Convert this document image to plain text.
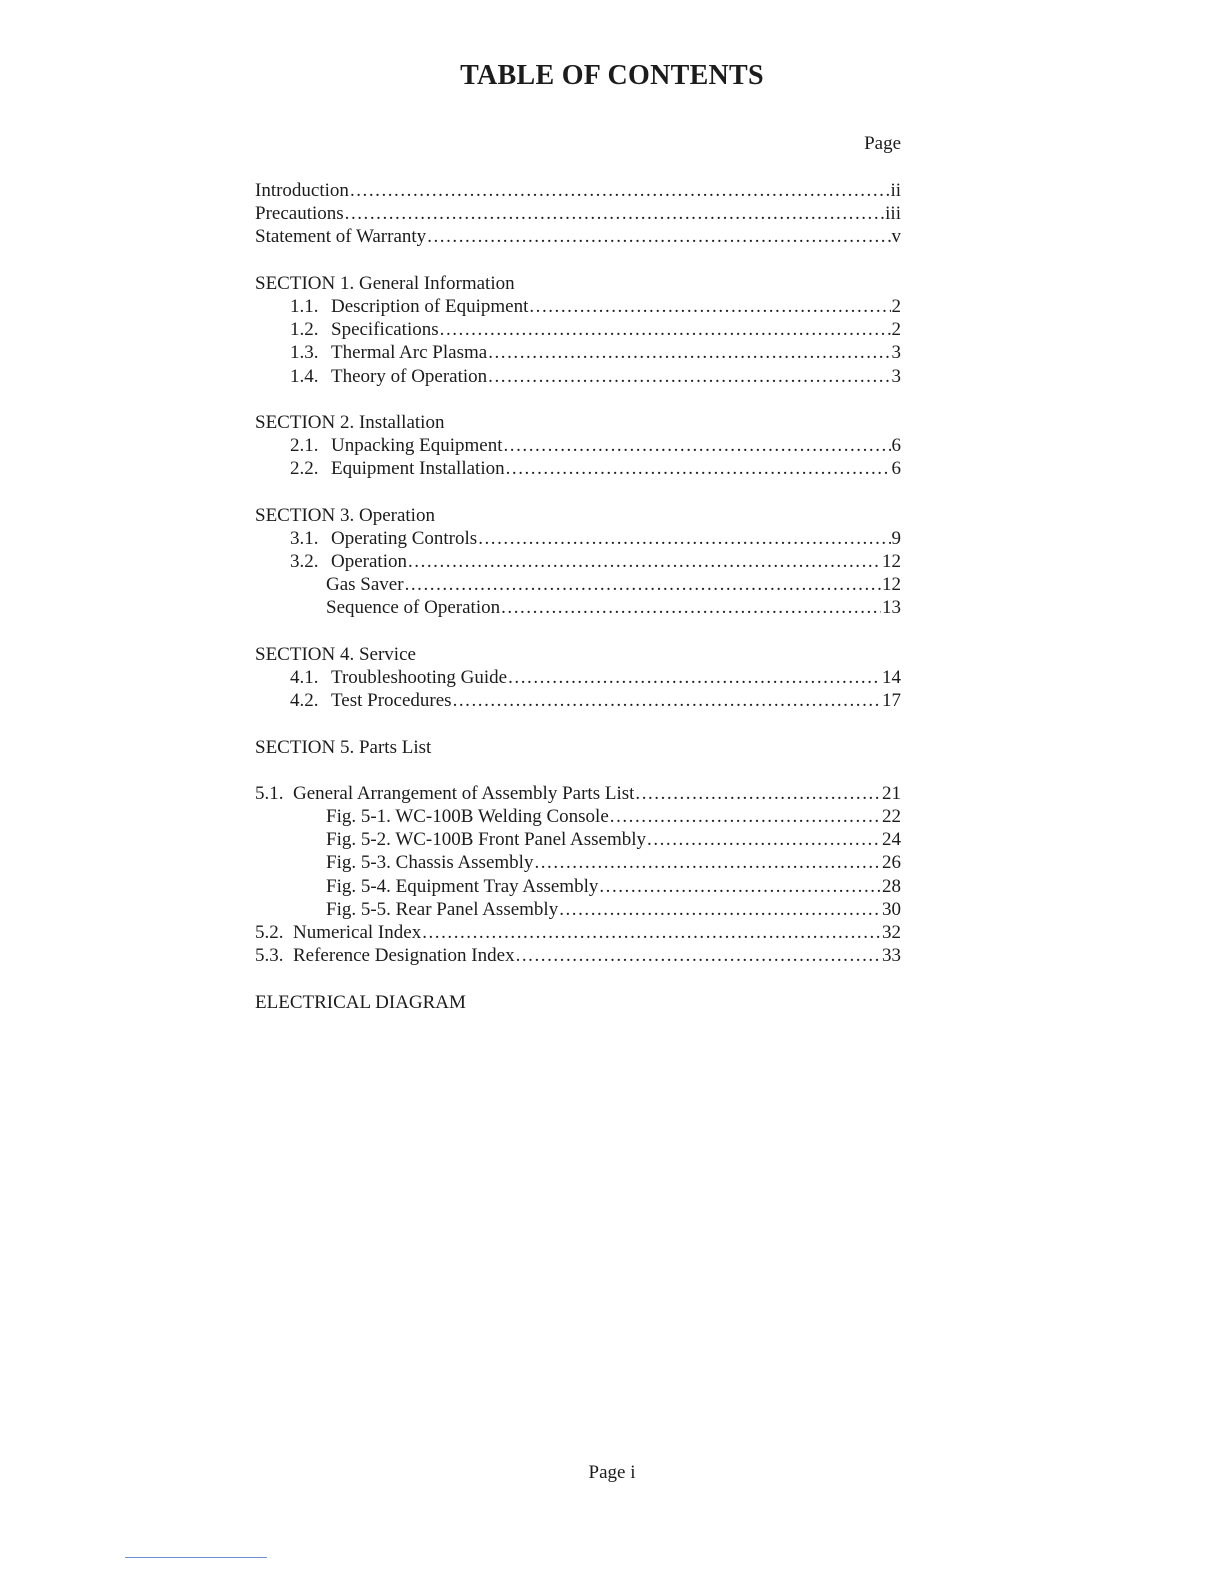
TABLE OF CONTENTS
Page
Introduction . . .	ii
Precautions . . .	iii
Statement of Warranty . . .	v
SECTION 1. General Information
1.1. Description of Equipment . . .	2
1.2. Specifications . . .	2
1.3. Thermal Arc Plasma . . .	3
1.4. Theory of Operation . . .	3
SECTION 2. Installation
2.1. Unpacking Equipment . . .	6
2.2. Equipment Installation . . .	6
SECTION 3. Operation
3.1. Operating Controls . . .	9
3.2. Operation . . .	12
Gas Saver . . .	12
Sequence of Operation . . .	13
SECTION 4. Service
4.1. Troubleshooting Guide . . .	14
4.2. Test Procedures . . .	17
SECTION 5. Parts List
5.1. General Arrangement of Assembly Parts List . . .	21
Fig. 5-1. WC-100B Welding Console . . .	22
Fig. 5-2. WC-100B Front Panel Assembly . . .	24
Fig. 5-3. Chassis Assembly . . .	26
Fig. 5-4. Equipment Tray Assembly . . .	28
Fig. 5-5. Rear Panel Assembly . . .	30
5.2. Numerical Index . . .	32
5.3. Reference Designation Index . . .	33
ELECTRICAL DIAGRAM
Page i
